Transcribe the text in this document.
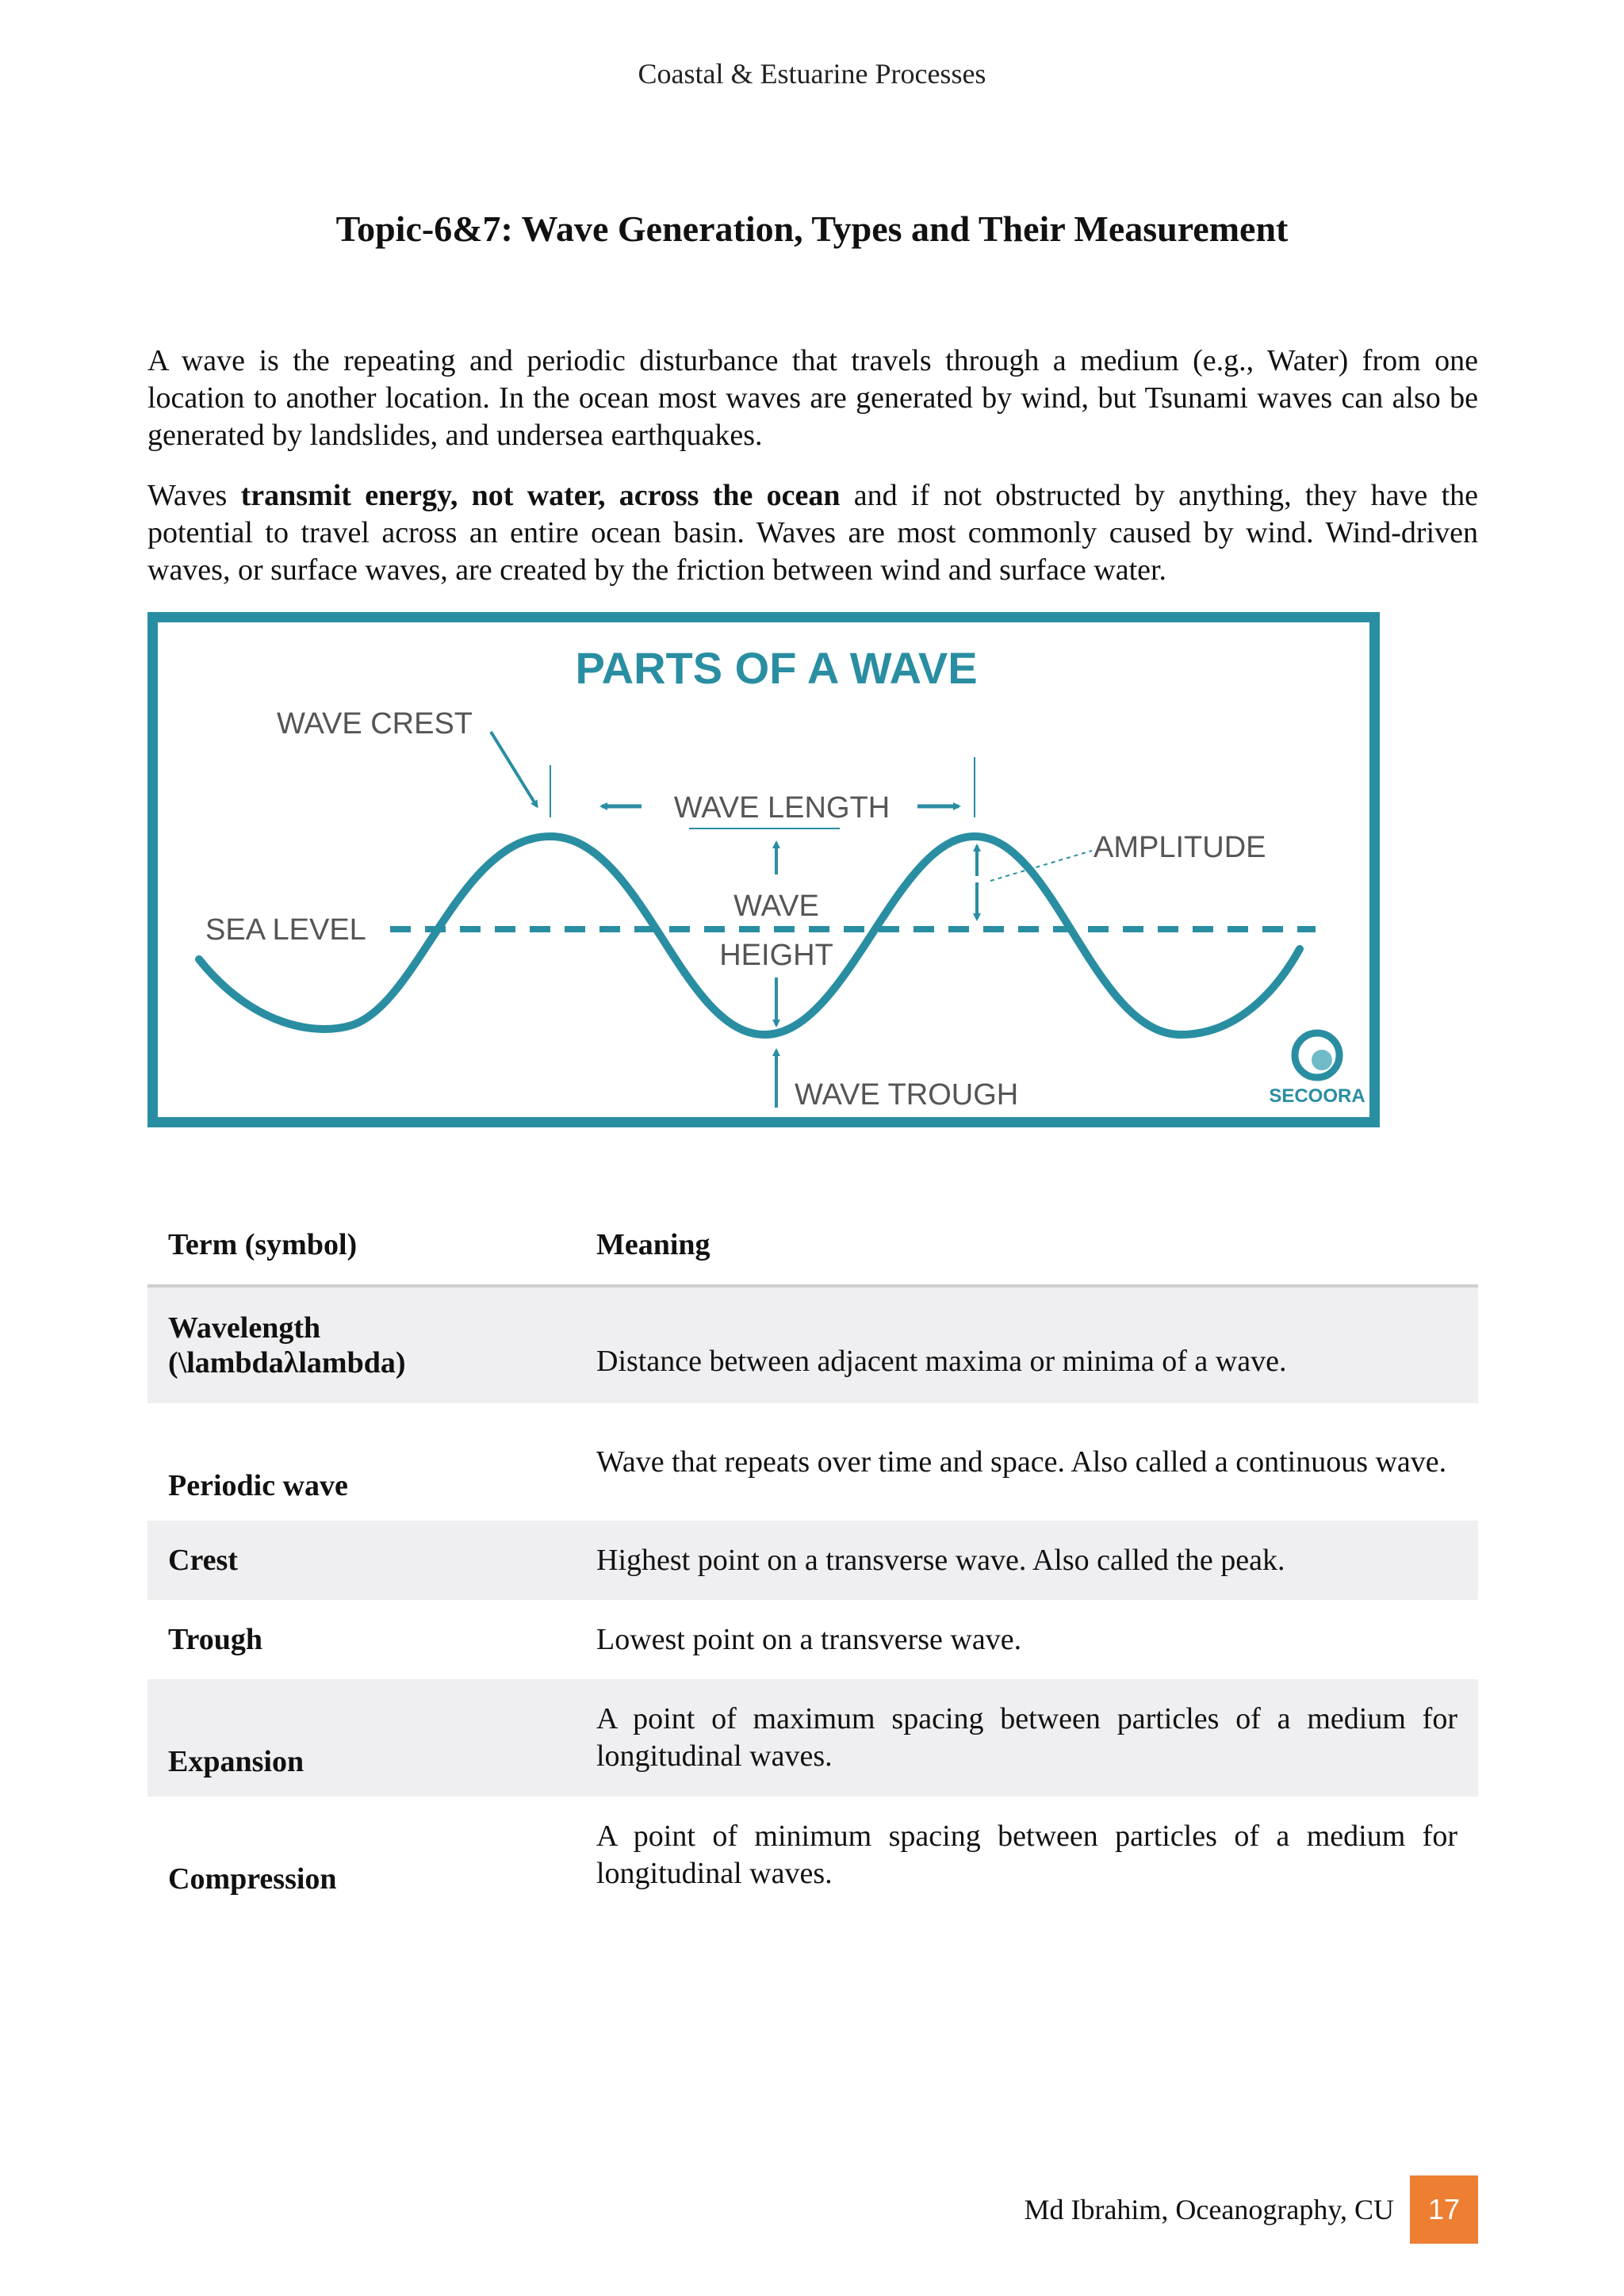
Coastal & Estuarine Processes
Topic-6&7: Wave Generation, Types and Their Measurement

A wave is the repeating and periodic disturbance that travels through a medium (e.g., Water) from one location to another location. In the ocean most waves are generated by wind, but Tsunami waves can also be generated by landslides, and undersea earthquakes.

Waves transmit energy, not water, across the ocean and if not obstructed by anything, they have the potential to travel across an entire ocean basin. Waves are most commonly caused by wind. Wind-driven waves, or surface waves, are created by the friction between wind and surface water.

PARTS OF A WAVE
SEA LEVEL
WAVE CREST
WAVE LENGTH
AMPLITUDE
WAVE
HEIGHT
WAVE TROUGH	SECOORA
Term (symbol)	Meaning
Wavelength
(\lambdaλlambda)	Distance between adjacent maxima or minima of a wave.
Periodic wave	Wave that repeats over time and space. Also called a continuous wave.
Crest	Highest point on a transverse wave. Also called the peak.
Trough	Lowest point on a transverse wave.
Expansion	A point of maximum spacing between particles of a medium for longitudinal waves.
Compression	A point of minimum spacing between particles of a medium for longitudinal waves.
Md Ibrahim, Oceanography, CU	17
